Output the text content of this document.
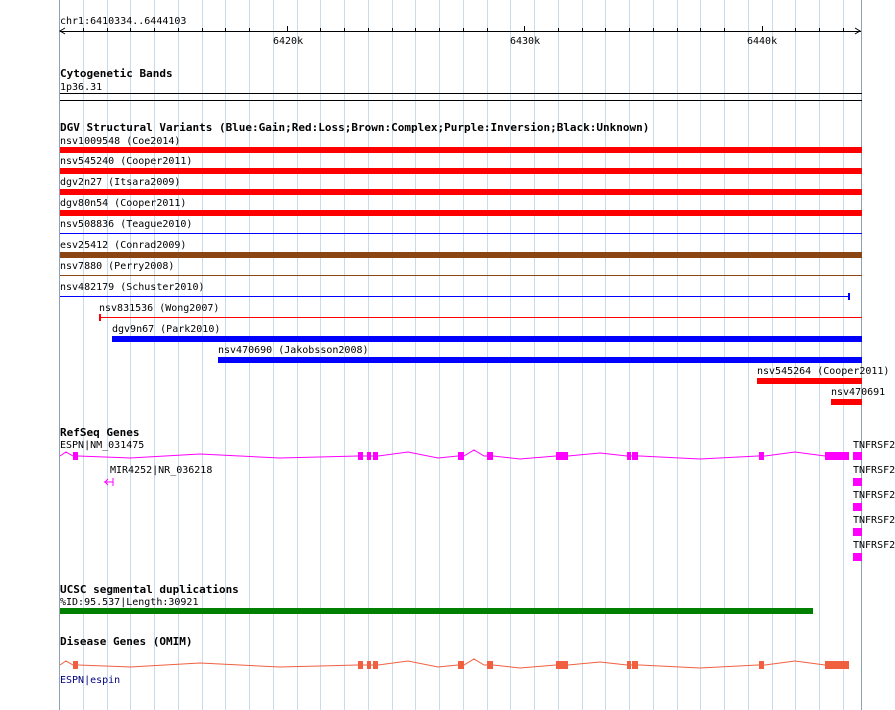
chr1:6410334..6444103
6420k	6430k	6440k
Cytogenetic Bands
1p36.31
DGV Structural Variants (Blue:Gain;Red:Loss;Brown:Complex;Purple:Inversion;Black:Unknown)
nsv1009548 (Coe2014)
nsv545240 (Cooper2011)
dgv2n27 (Itsara2009)
dgv80n54 (Cooper2011)
nsv508836 (Teague2010)
esv25412 (Conrad2009)
nsv7880 (Perry2008)
nsv482179 (Schuster2010)
nsv831536 (Wong2007)
dgv9n67 (Park2010)
nsv470690 (Jakobsson2008)
nsv545264 (Cooper2011)
nsv470691
RefSeq Genes
ESPN|NM_031475
MIR4252|NR_036218
TNFRSF2
TNFRSF2
TNFRSF2
TNFRSF2
TNFRSF2
UCSC segmental duplications
%ID:95.537|Length:30921
Disease Genes (OMIM)
ESPN|espin
